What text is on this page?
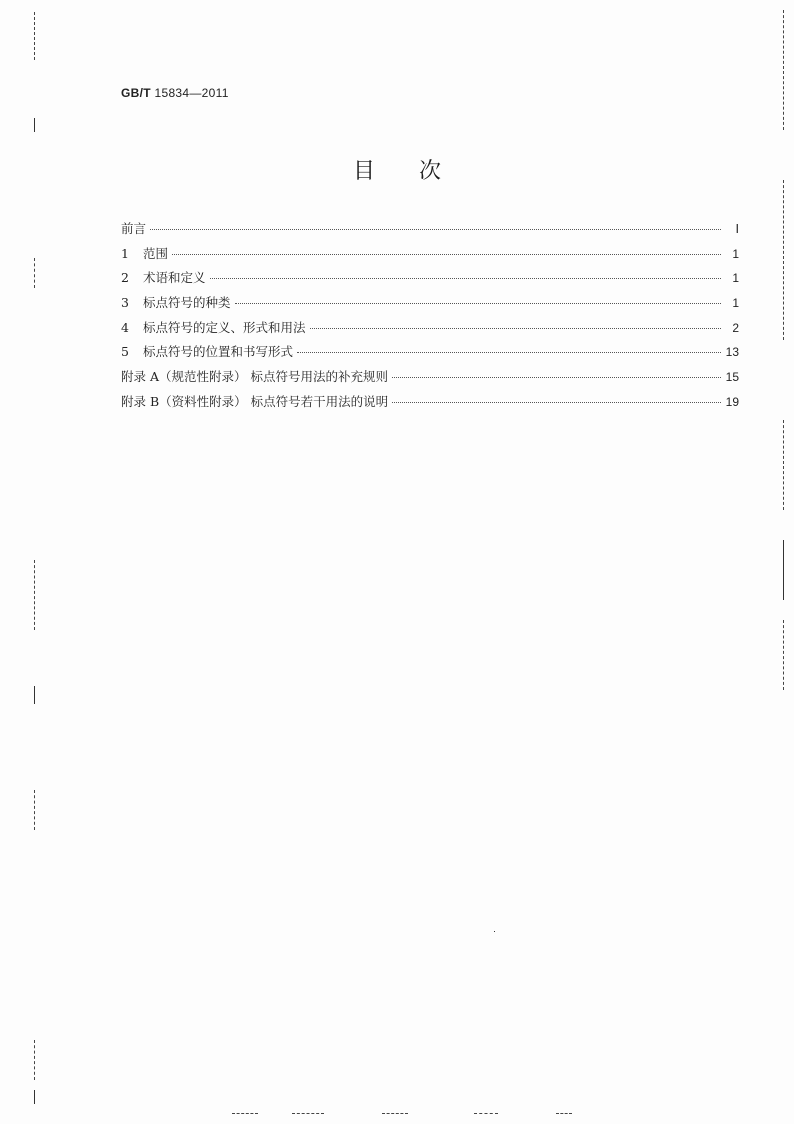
GB/T 15834—2011
目 次
前言	Ⅰ
1	范围	1
2	术语和定义	1
3	标点符号的种类	1
4	标点符号的定义、形式和用法	2
5	标点符号的位置和书写形式	13
附录 A（规范性附录） 标点符号用法的补充规则	15
附录 B（资料性附录） 标点符号若干用法的说明	19
